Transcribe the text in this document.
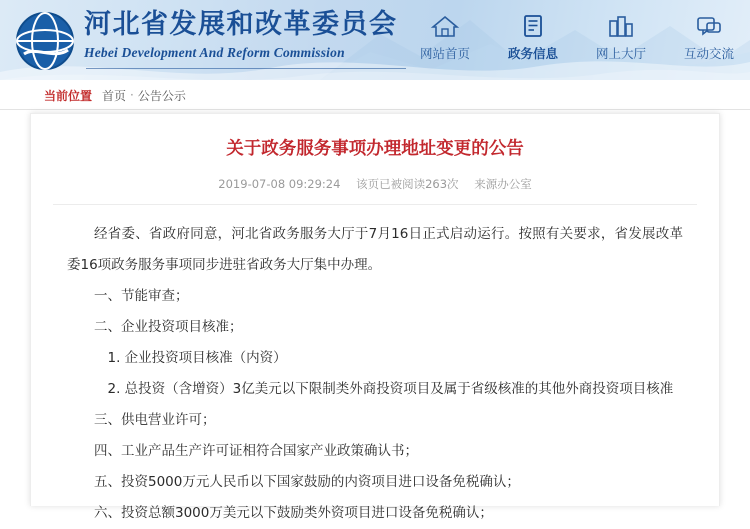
河北省发展和改革委员会
Hebei Development And Reform Commission	网站首页	政务信息	网上大厅	互动交流
当前位置 首页 · 公告公示
关于政务服务事项办理地址变更的公告
2019-07-08 09:29:24 该页已被阅读263次 来源办公室

经省委、省政府同意，河北省政务服务大厅于7月16日正式启动运行。按照有关要求，省发展改革委16项政务服务事项同步进驻省政务大厅集中办理。

一、节能审查；

二、企业投资项目核准；

1. 企业投资项目核准（内资）

2. 总投资（含增资）3亿美元以下限制类外商投资项目及属于省级核准的其他外商投资项目核准

三、供电营业许可；

四、工业产品生产许可证相符合国家产业政策确认书；

五、投资5000万元人民币以下国家鼓励的内资项目进口设备免税确认；

六、投资总额3000万美元以下鼓励类外资项目进口设备免税确认；
